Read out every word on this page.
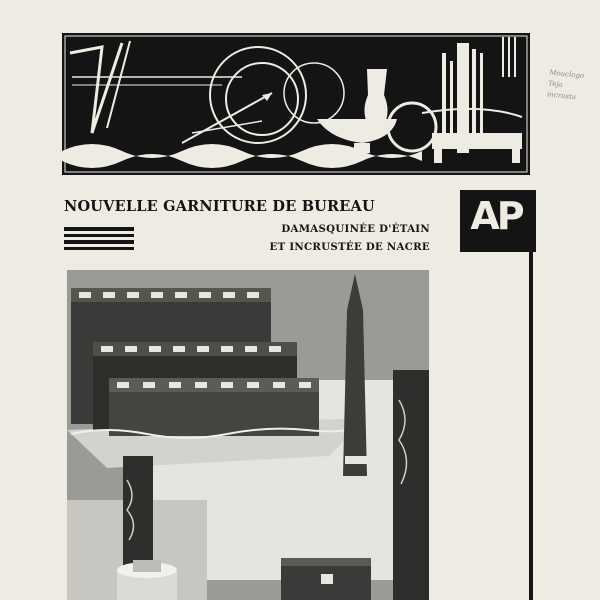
Mouclogo
Teja
incrusta
NOUVELLE GARNITURE DE BUREAU
DAMASQUINÉE D'ÉTAIN
ET INCRUSTÉE DE NACRE
AP
